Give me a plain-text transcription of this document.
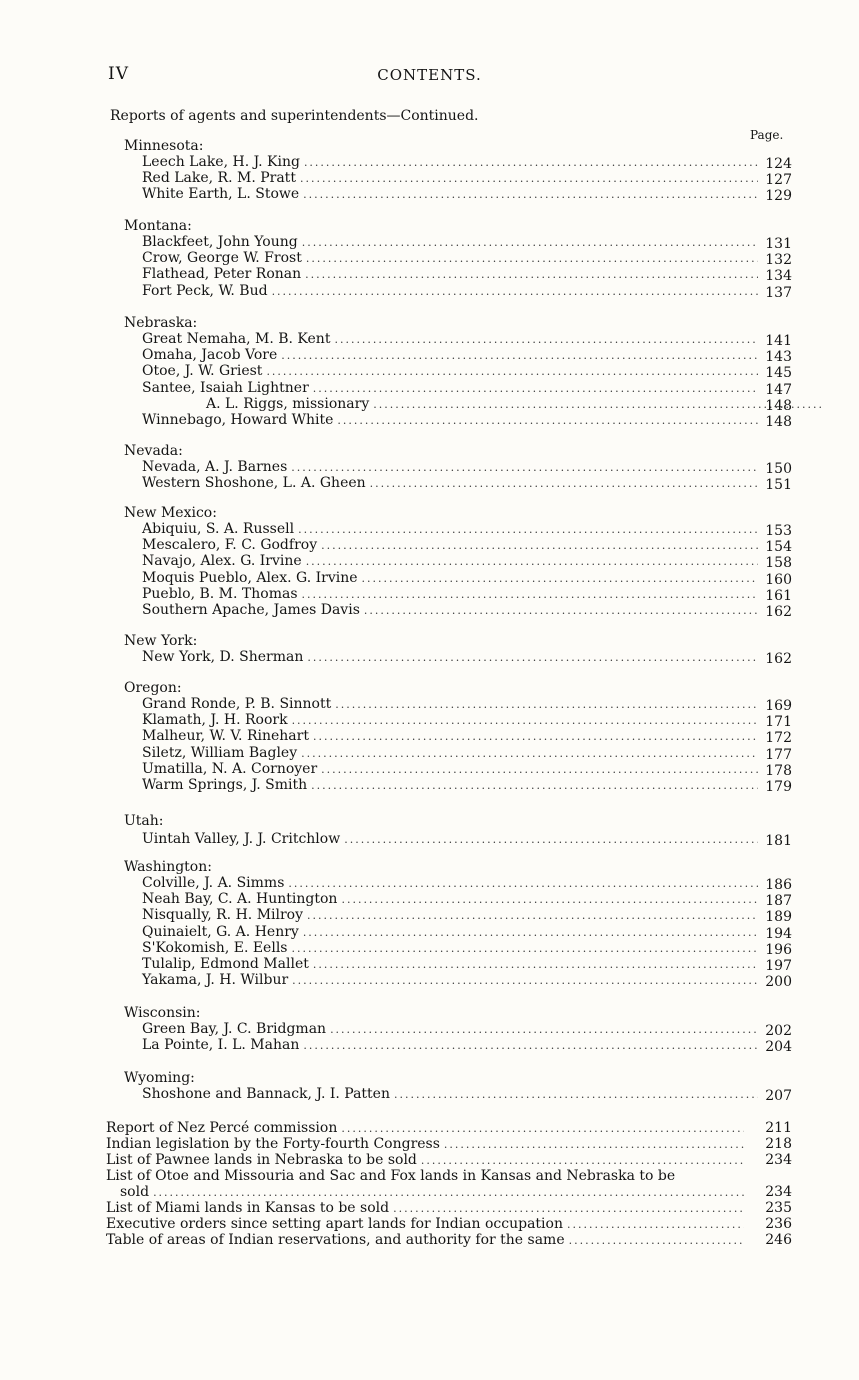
IV	CONTENTS.
Reports of agents and superintendents—Continued.
Page.
Minnesota:
Leech Lake, H. J. King .....	124
Red Lake, R. M. Pratt .....	127
White Earth, L. Stowe .....	129
Montana:
Blackfeet, John Young .....	131
Crow, George W. Frost .....	132
Flathead, Peter Ronan .....	134
Fort Peck, W. Bud .....	137
Nebraska:
Great Nemaha, M. B. Kent .....	141
Omaha, Jacob Vore .....	143
Otoe, J. W. Griest .....	145
Santee, Isaiah Lightner .....	147
A. L. Riggs, missionary .....	148
Winnebago, Howard White .....	148
Nevada:
Nevada, A. J. Barnes .....	150
Western Shoshone, L. A. Gheen .....	151
New Mexico:
Abiquiu, S. A. Russell .....	153
Mescalero, F. C. Godfroy .....	154
Navajo, Alex. G. Irvine .....	158
Moquis Pueblo, Alex. G. Irvine .....	160
Pueblo, B. M. Thomas .....	161
Southern Apache, James Davis .....	162
New York:
New York, D. Sherman .....	162
Oregon:
Grand Ronde, P. B. Sinnott .....	169
Klamath, J. H. Roork .....	171
Malheur, W. V. Rinehart .....	172
Siletz, William Bagley .....	177
Umatilla, N. A. Cornoyer .....	178
Warm Springs, J. Smith .....	179
Utah:
Uintah Valley, J. J. Critchlow .....	181
Washington:
Colville, J. A. Simms .....	186
Neah Bay, C. A. Huntington .....	187
Nisqually, R. H. Milroy .....	189
Quinaielt, G. A. Henry .....	194
S'Kokomish, E. Eells .....	196
Tulalip, Edmond Mallet .....	197
Yakama, J. H. Wilbur .....	200
Wisconsin:
Green Bay, J. C. Bridgman .....	202
La Pointe, I. L. Mahan .....	204
Wyoming:
Shoshone and Bannack, J. I. Patten .....	207
Report of Nez Percé commission .....	211
Indian legislation by the Forty-fourth Congress .....	218
List of Pawnee lands in Nebraska to be sold .....	234
List of Otoe and Missouria and Sac and Fox lands in Kansas and Nebraska to be
sold .....	234
List of Miami lands in Kansas to be sold .....	235
Executive orders since setting apart lands for Indian occupation .....	236
Table of areas of Indian reservations, and authority for the same .....	246
